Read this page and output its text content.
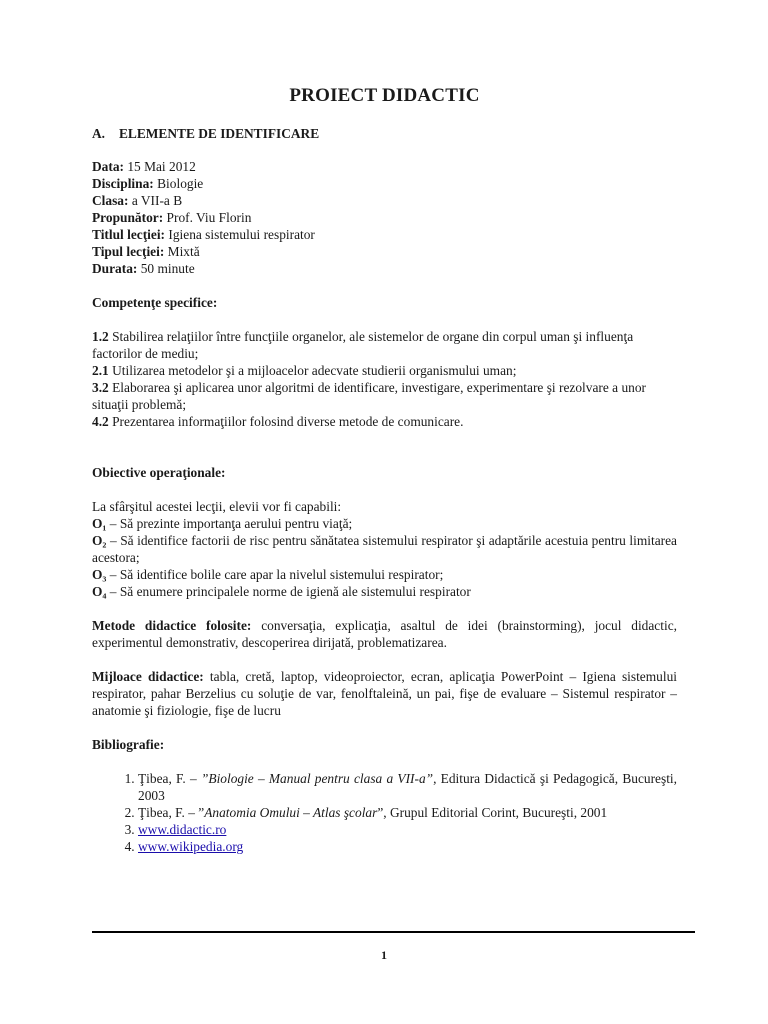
PROIECT DIDACTIC
A. ELEMENTE DE IDENTIFICARE

Data: 15 Mai 2012

Disciplina: Biologie

Clasa: a VII-a B

Propunător: Prof. Viu Florin

Titlul lecţiei: Igiena sistemului respirator

Tipul lecţiei: Mixtă

Durata: 50 minute

Competenţe specifice:

1.2 Stabilirea relaţiilor între funcţiile organelor, ale sistemelor de organe din corpul uman şi influenţa factorilor de mediu;

2.1 Utilizarea metodelor şi a mijloacelor adecvate studierii organismului uman;

3.2 Elaborarea şi aplicarea unor algoritmi de identificare, investigare, experimentare şi rezolvare a unor situaţii problemă;

4.2 Prezentarea informaţiilor folosind diverse metode de comunicare.

Obiective operaţionale:

La sfârşitul acestei lecţii, elevii vor fi capabili:

O₁ – Să prezinte importanţa aerului pentru viaţă;

O₂ – Să identifice factorii de risc pentru sănătatea sistemului respirator şi adaptările acestuia pentru limitarea acestora;

O₃ – Să identifice bolile care apar la nivelul sistemului respirator;

O₄ – Să enumere principalele norme de igienă ale sistemului respirator

Metode didactice folosite: conversaţia, explicaţia, asaltul de idei (brainstorming), jocul didactic, experimentul demonstrativ, descoperirea dirijată, problematizarea.

Mijloace didactice: tabla, cretă, laptop, videoproiector, ecran, aplicaţia PowerPoint – Igiena sistemului respirator, pahar Berzelius cu soluţie de var, fenolftaleină, un pai, fişe de evaluare – Sistemul respirator – anatomie şi fiziologie, fişe de lucru

Bibliografie:

1. Ţibea, F. – ”Biologie – Manual pentru clasa a VII-a”, Editura Didactică şi Pedagogică, Bucureşti, 2003
2. Ţibea, F. – ”Anatomia Omului – Atlas şcolar”, Grupul Editorial Corint, Bucureşti, 2001
3. www.didactic.ro
4. www.wikipedia.org
1
